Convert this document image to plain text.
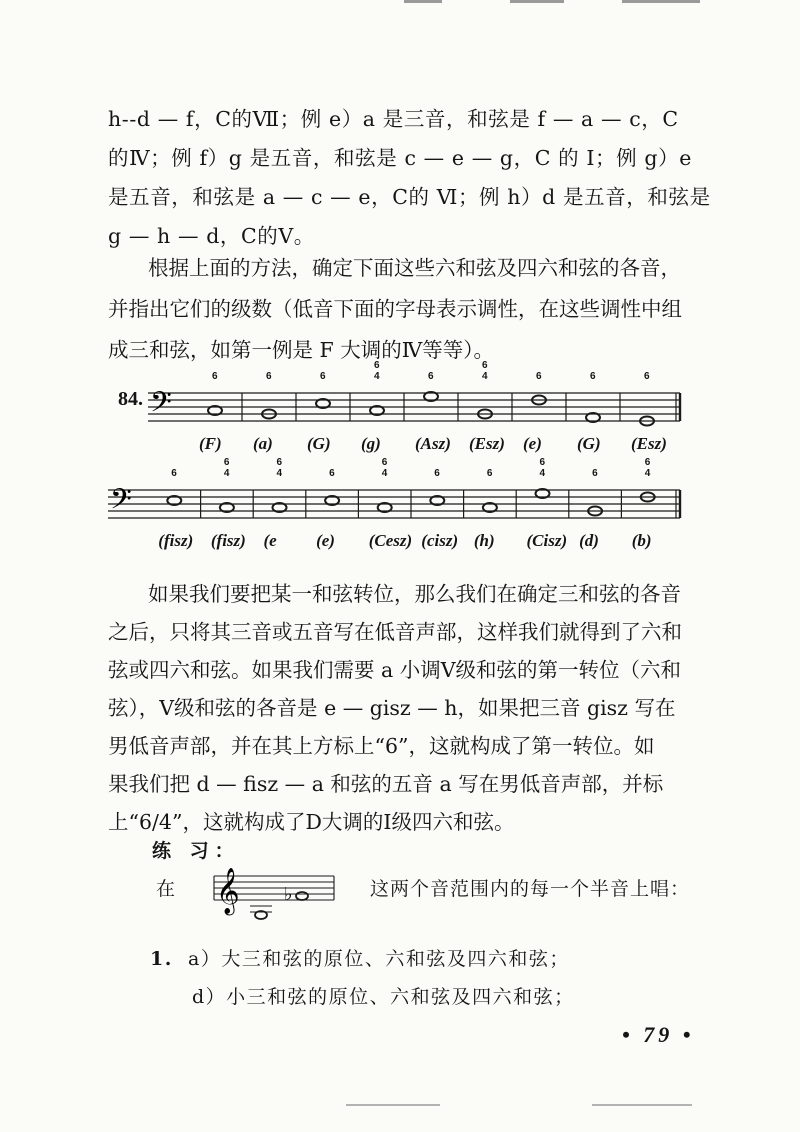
h--d — f，C的Ⅶ；例 e）a 是三音，和弦是 f — a — c，C
的Ⅳ；例 f）g 是五音，和弦是 c — e — g，C 的 Ⅰ；例 g）e
是五音，和弦是 a — c — e，C的 Ⅵ；例 h）d 是五音，和弦是
g — h — d，C的Ⅴ。
根据上面的方法，确定下面这些六和弦及四六和弦的各音，
并指出它们的级数（低音下面的字母表示调性，在这些调性中组
成三和弦，如第一例是 F 大调的Ⅳ等等）。
84. 𝄢
6
(F)
6
(a)
6
(G)
6
4
(g)
6
(Asz)
6
4
(Esz)
6
(e)
6
(G)
6
(Esz)
𝄢
6
(fisz)
6
4
(fisz)
6
4
(e
6
(e)
6
4
(Cesz)
6
(cisz)
6
(h)
6
4
(Cisz)
6
(d)
6
4
(b)
𝄞 ♭
如果我们要把某一和弦转位，那么我们在确定三和弦的各音
之后，只将其三音或五音写在低音声部，这样我们就得到了六和
弦或四六和弦。如果我们需要 a 小调Ⅴ级和弦的第一转位（六和
弦），Ⅴ级和弦的各音是 e — gisz — h，如果把三音 gisz 写在
男低音声部，并在其上方标上“6”，这就构成了第一转位。如
果我们把 d — fisz — a 和弦的五音 a 写在男低音声部，并标
上“6/4”，这就构成了D大调的Ⅰ级四六和弦。
练 习：
在	这两个音范围内的每一个半音上唱：
1. a）大三和弦的原位、六和弦及四六和弦；
d）小三和弦的原位、六和弦及四六和弦；
• 79 •
